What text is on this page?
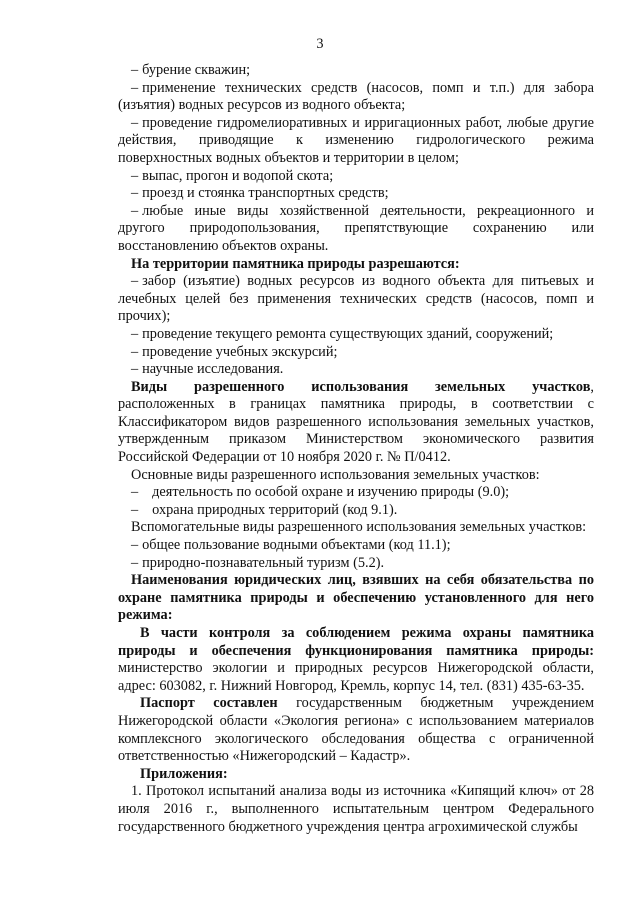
3

– бурение скважин;

– применение технических средств (насосов, помп и т.п.) для забора (изъятия) водных ресурсов из водного объекта;

– проведение гидромелиоративных и ирригационных работ, любые другие действия, приводящие к изменению гидрологического режима поверхностных водных объектов и территории в целом;

– выпас, прогон и водопой скота;

– проезд и стоянка транспортных средств;

– любые иные виды хозяйственной деятельности, рекреационного и другого природопользования, препятствующие сохранению или восстановлению объектов охраны.

На территории памятника природы разрешаются:

– забор (изъятие) водных ресурсов из водного объекта для питьевых и лечебных целей без применения технических средств (насосов, помп и прочих);

– проведение текущего ремонта существующих зданий, сооружений;

– проведение учебных экскурсий;

– научные исследования.

Виды разрешенного использования земельных участков, расположенных в границах памятника природы, в соответствии с Классификатором видов разрешенного использования земельных участков, утвержденным приказом Министерством экономического развития Российской Федерации от 10 ноября 2020 г. № П/0412.

Основные виды разрешенного использования земельных участков:

– деятельность по особой охране и изучению природы (9.0);

– охрана природных территорий (код 9.1).

Вспомогательные виды разрешенного использования земельных участков:

– общее пользование водными объектами (код 11.1);

– природно-познавательный туризм (5.2).

Наименования юридических лиц, взявших на себя обязательства по охране памятника природы и обеспечению установленного для него режима:

В части контроля за соблюдением режима охраны памятника природы и обеспечения функционирования памятника природы: министерство экологии и природных ресурсов Нижегородской области, адрес: 603082, г. Нижний Новгород, Кремль, корпус 14, тел. (831) 435-63-35.

Паспорт составлен государственным бюджетным учреждением Нижегородской области «Экология региона» с использованием материалов комплексного экологического обследования общества с ограниченной ответственностью «Нижегородский – Кадастр».

Приложения:

1. Протокол испытаний анализа воды из источника «Кипящий ключ» от 28 июля 2016 г., выполненного испытательным центром Федерального государственного бюджетного учреждения центра агрохимической службы
